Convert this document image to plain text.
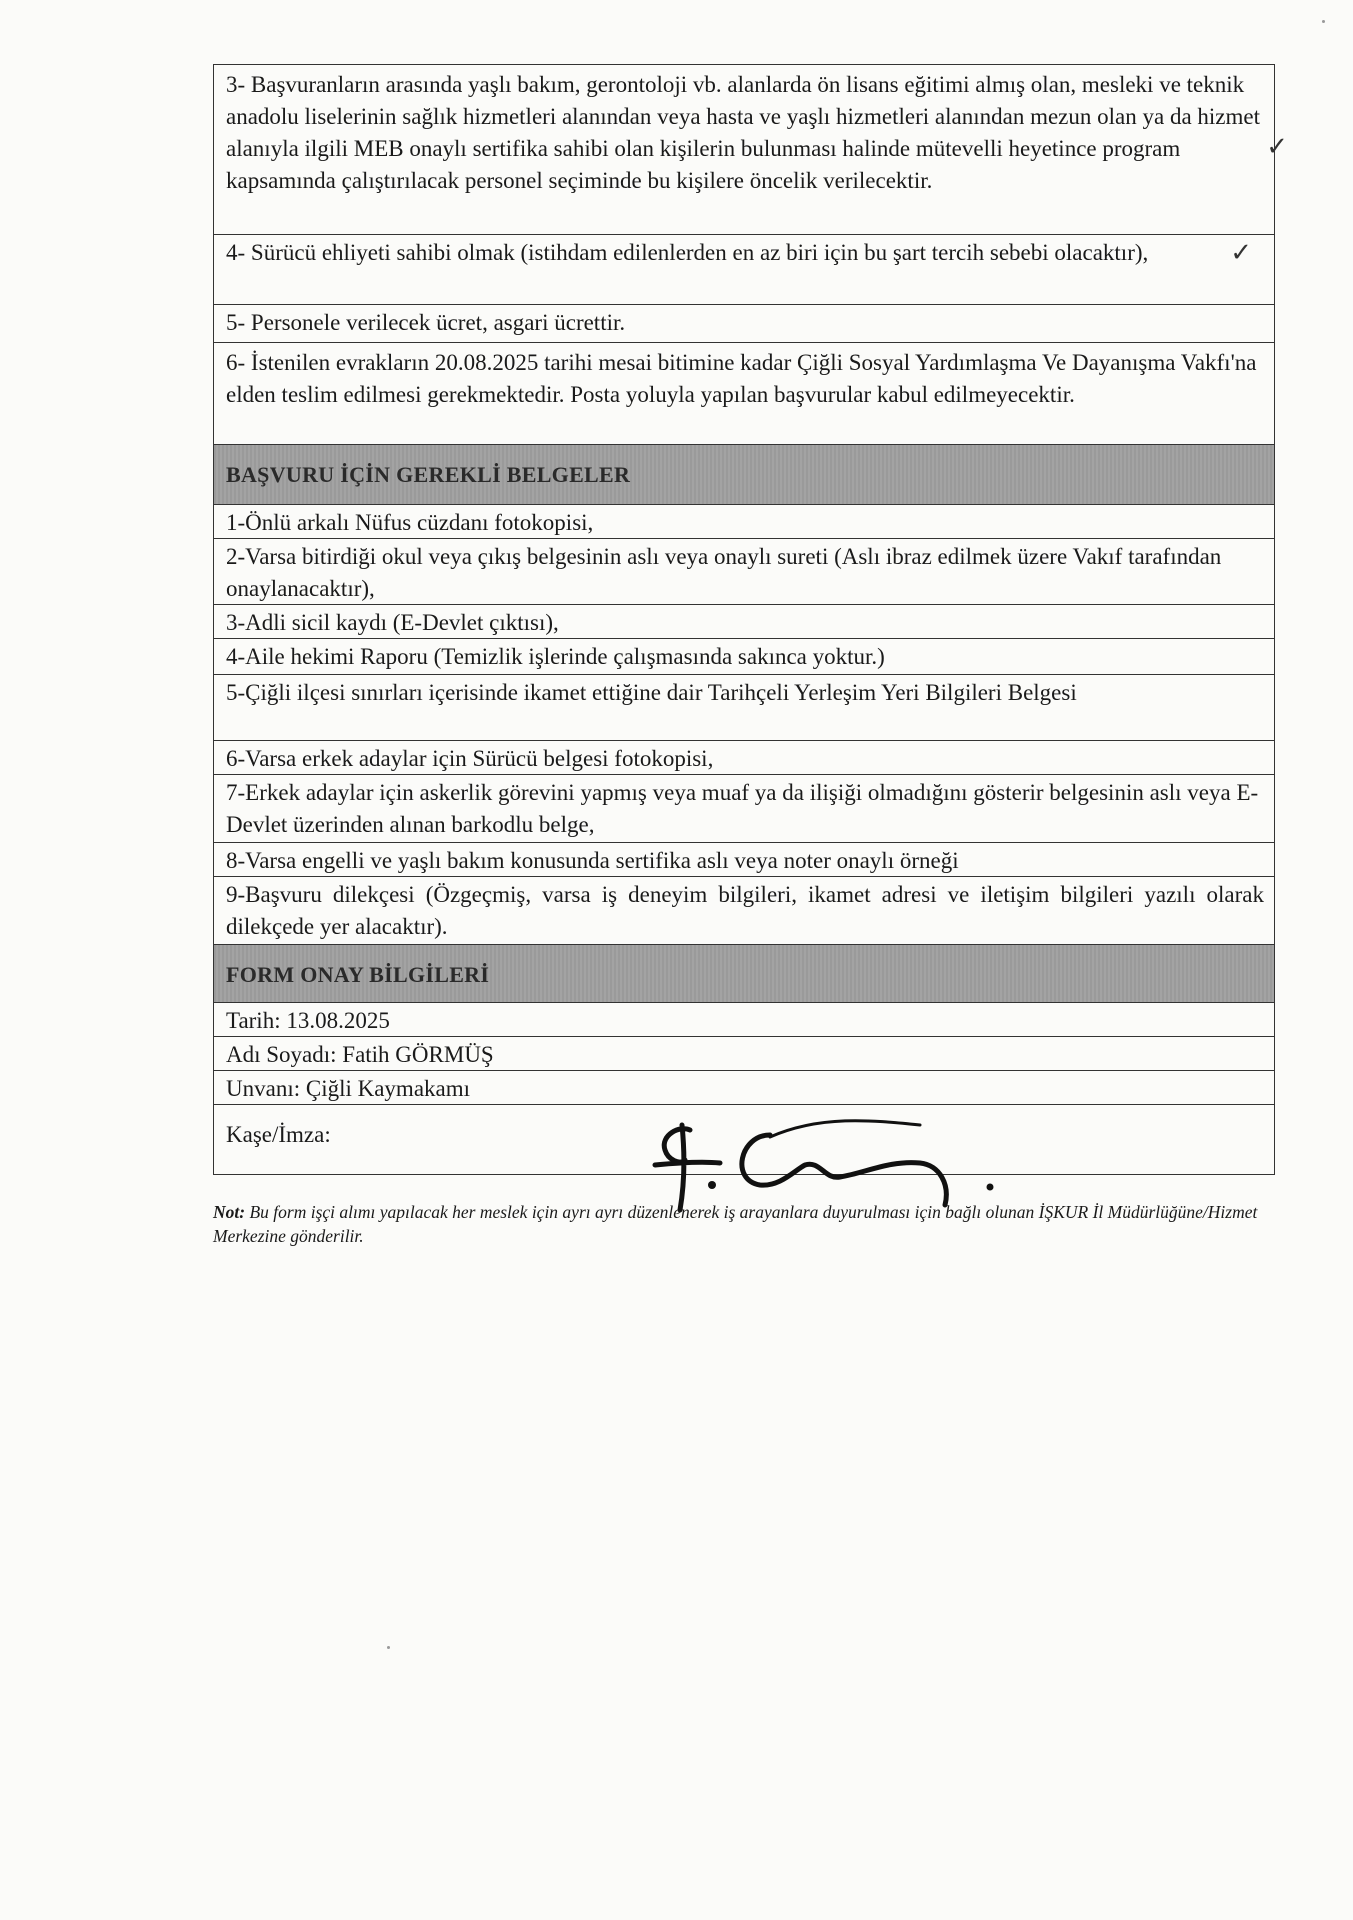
3- Başvuranların arasında yaşlı bakım, gerontoloji vb. alanlarda ön lisans eğitimi almış olan, mesleki ve teknik anadolu liselerinin sağlık hizmetleri alanından veya hasta ve yaşlı hizmetleri alanından mezun olan ya da hizmet alanıyla ilgili MEB onaylı sertifika sahibi olan kişilerin bulunması halinde mütevelli heyetince program kapsamında çalıştırılacak personel seçiminde bu kişilere öncelik verilecektir.
✓
4- Sürücü ehliyeti sahibi olmak (istihdam edilenlerden en az biri için bu şart tercih sebebi olacaktır),	✓
5- Personele verilecek ücret, asgari ücrettir.
6- İstenilen evrakların 20.08.2025 tarihi mesai bitimine kadar Çiğli Sosyal Yardımlaşma Ve Dayanışma Vakfı'na elden teslim edilmesi gerekmektedir. Posta yoluyla yapılan başvurular kabul edilmeyecektir.
BAŞVURU İÇİN GEREKLİ BELGELER
1-Önlü arkalı Nüfus cüzdanı fotokopisi,
2-Varsa bitirdiği okul veya çıkış belgesinin aslı veya onaylı sureti (Aslı ibraz edilmek üzere Vakıf tarafından onaylanacaktır),
3-Adli sicil kaydı (E-Devlet çıktısı),
4-Aile hekimi Raporu (Temizlik işlerinde çalışmasında sakınca yoktur.)
5-Çiğli ilçesi sınırları içerisinde ikamet ettiğine dair Tarihçeli Yerleşim Yeri Bilgileri Belgesi
6-Varsa erkek adaylar için Sürücü belgesi fotokopisi,
7-Erkek adaylar için askerlik görevini yapmış veya muaf ya da ilişiği olmadığını gösterir belgesinin aslı veya E-Devlet üzerinden alınan barkodlu belge,
8-Varsa engelli ve yaşlı bakım konusunda sertifika aslı veya noter onaylı örneği
9-Başvuru dilekçesi (Özgeçmiş, varsa iş deneyim bilgileri, ikamet adresi ve iletişim bilgileri yazılı olarak dilekçede yer alacaktır).
FORM ONAY BİLGİLERİ
Tarih: 13.08.2025
Adı Soyadı: Fatih GÖRMÜŞ
Unvanı: Çiğli Kaymakamı
Kaşe/İmza:
Not: Bu form işçi alımı yapılacak her meslek için ayrı ayrı düzenlenerek iş arayanlara duyurulması için bağlı olunan İŞKUR İl Müdürlüğüne/Hizmet Merkezine gönderilir.
